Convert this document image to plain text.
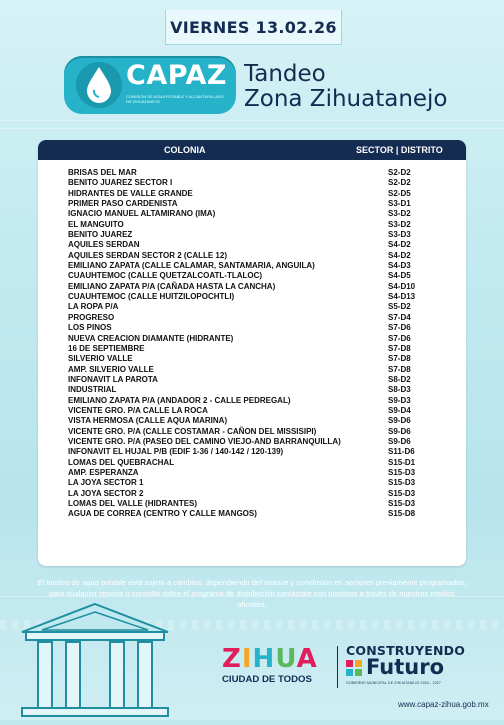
VIERNES 13.02.26
CAPAZ
COMISIÓN DE AGUA POTABLE Y ALCANTARILLADO DE ZIHUATANEJO
Tandeo
Zona Zihuatanejo
COLONIA	SECTOR | DISTRITO
BRISAS DEL MAR	S2-D2
BENITO JUAREZ SECTOR I	S2-D2
HIDRANTES DE VALLE GRANDE	S2-D5
PRIMER PASO CARDENISTA	S3-D1
IGNACIO MANUEL ALTAMIRANO (IMA)	S3-D2
EL MANGUITO	S3-D2
BENITO JUAREZ	S3-D3
AQUILES SERDAN	S4-D2
AQUILES SERDAN SECTOR 2 (CALLE 12)	S4-D2
EMILIANO ZAPATA (CALLE CALAMAR, SANTAMARIA, ANGUILA)	S4-D3
CUAUHTEMOC (CALLE QUETZALCOATL-TLALOC)	S4-D5
EMILIANO ZAPATA P/A (CAÑADA HASTA LA CANCHA)	S4-D10
CUAUHTEMOC (CALLE HUITZILOPOCHTLI)	S4-D13
LA ROPA P/A	S5-D2
PROGRESO	S7-D4
LOS PINOS	S7-D6
NUEVA CREACION DIAMANTE (HIDRANTE)	S7-D6
16 DE SEPTIEMBRE	S7-D8
SILVERIO VALLE	S7-D8
AMP. SILVERIO VALLE	S7-D8
INFONAVIT LA PAROTA	S8-D2
INDUSTRIAL	S8-D3
EMILIANO ZAPATA P/A (ANDADOR 2 - CALLE PEDREGAL)	S9-D3
VICENTE GRO. P/A CALLE LA ROCA	S9-D4
VISTA HERMOSA (CALLE AQUA MARINA)	S9-D6
VICENTE GRO. P/A (CALLE COSTAMAR - CAÑON DEL MISSISIPI)	S9-D6
VICENTE GRO. P/A (PASEO DEL CAMINO VIEJO-AND BARRANQUILLA)	S9-D6
INFONAVIT EL HUJAL P/B (EDIF 1-36 / 140-142 / 120-139)	S11-D6
LOMAS DEL QUEBRACHAL	S15-D1
AMP. ESPERANZA	S15-D3
LA JOYA SECTOR 1	S15-D3
LA JOYA SECTOR 2	S15-D3
LOMAS DEL VALLE (HIDRANTES)	S15-D3
AGUA DE CORREA (CENTRO Y CALLE MANGOS)	S15-D8
El tandeo de agua potable está sujeto a cambios, dependiendo del avance y conclusión en sectores previamente programados; para cualquier reporte o consulta sobre el programa de distribución contáctate con nosotros a través de nuestros medios oficiales.
ZIHUA
CIUDAD DE TODOS
CONSTRUYENDO
Futuro
GOBIERNO MUNICIPAL DE ZIHUATANEJO 2024 - 2027
www.capaz-zihua.gob.mx
